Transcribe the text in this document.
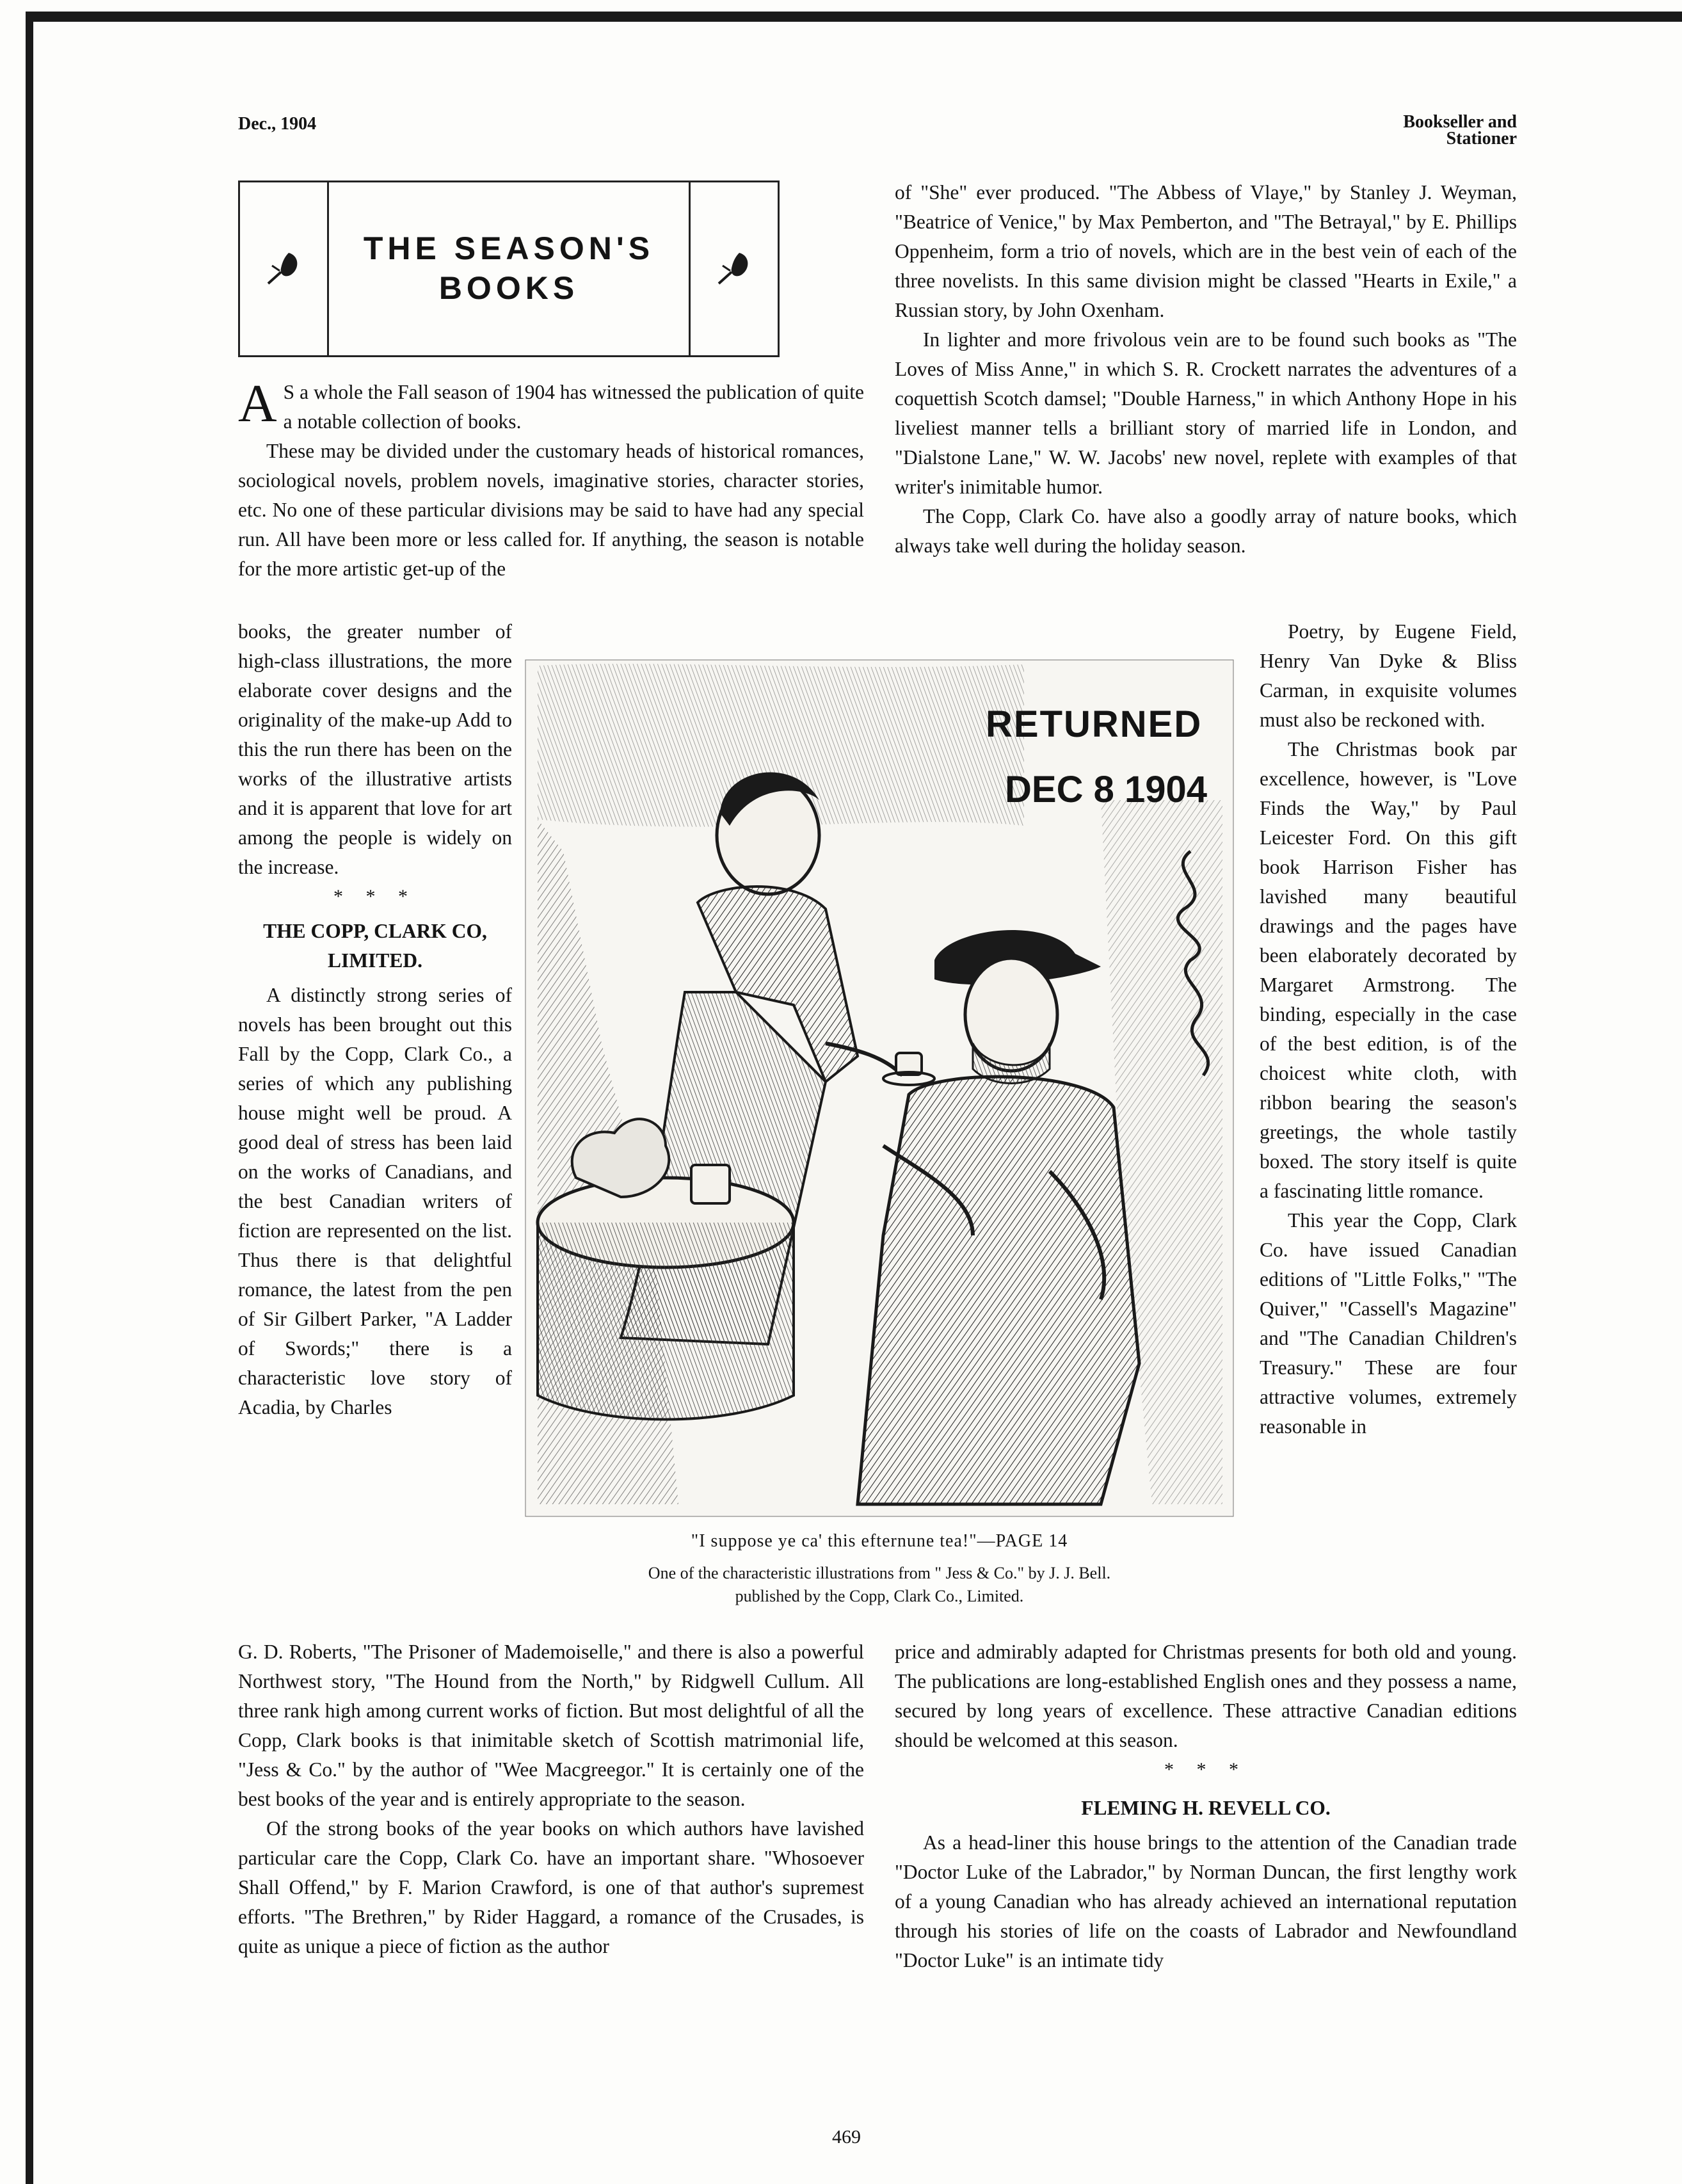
Dec., 1904	Bookseller and
Stationer
THE SEASON'S
BOOKS

A S a whole the Fall season of 1904 has witnessed the publication of quite a notable collection of books.

These may be divided under the customary heads of historical romances, sociological novels, problem novels, imaginative stories, character stories, etc. No one of these particular divisions may be said to have had any special run. All have been more or less called for. If anything, the season is notable for the more artistic get-up of the

books, the greater number of high-class illustrations, the more elaborate cover designs and the originality of the make-up Add to this the run there has been on the works of the illustrative artists and it is apparent that love for art among the people is widely on the increase.

* * *
THE COPP, CLARK CO, LIMITED.

A distinctly strong series of novels has been brought out this Fall by the Copp, Clark Co., a series of which any publishing house might well be proud. A good deal of stress has been laid on the works of Canadians, and the best Canadian writers of fiction are represented on the list. Thus there is that delightful romance, the latest from the pen of Sir Gilbert Parker, "A Ladder of Swords;" there is a characteristic love story of Acadia, by Charles

G. D. Roberts, "The Prisoner of Mademoiselle," and there is also a powerful Northwest story, "The Hound from the North," by Ridgwell Cullum. All three rank high among current works of fiction. But most delightful of all the Copp, Clark books is that inimitable sketch of Scottish matrimonial life, "Jess & Co." by the author of "Wee Macgreegor." It is certainly one of the best books of the year and is entirely appropriate to the season.

Of the strong books of the year books on which authors have lavished particular care the Copp, Clark Co. have an important share. "Whosoever Shall Offend," by F. Marion Crawford, is one of that author's supremest efforts. "The Brethren," by Rider Haggard, a romance of the Crusades, is quite as unique a piece of fiction as the author

of "She" ever produced. "The Abbess of Vlaye," by Stanley J. Weyman, "Beatrice of Venice," by Max Pemberton, and "The Betrayal," by E. Phillips Oppenheim, form a trio of novels, which are in the best vein of each of the three novelists. In this same division might be classed "Hearts in Exile," a Russian story, by John Oxenham.

In lighter and more frivolous vein are to be found such books as "The Loves of Miss Anne," in which S. R. Crockett narrates the adventures of a coquettish Scotch damsel; "Double Harness," in which Anthony Hope in his liveliest manner tells a brilliant story of married life in London, and "Dialstone Lane," W. W. Jacobs' new novel, replete with examples of that writer's inimitable humor.

The Copp, Clark Co. have also a goodly array of nature books, which always take well during the holiday season.

Poetry, by Eugene Field, Henry Van Dyke & Bliss Carman, in exquisite volumes must also be reckoned with.

The Christmas book par excellence, however, is "Love Finds the Way," by Paul Leicester Ford. On this gift book Harrison Fisher has lavished many beautiful drawings and the pages have been elaborately decorated by Margaret Armstrong. The binding, especially in the case of the best edition, is of the choicest white cloth, with ribbon bearing the season's greetings, the whole tastily boxed. The story itself is quite a fascinating little romance.

This year the Copp, Clark Co. have issued Canadian editions of "Little Folks," "The Quiver," "Cassell's Magazine" and "The Canadian Children's Treasury." These are four attractive volumes, extremely reasonable in

price and admirably adapted for Christmas presents for both old and young. The publications are long-established English ones and they possess a name, secured by long years of excellence. These attractive Canadian editions should be welcomed at this season.

* * *
FLEMING H. REVELL CO.

As a head-liner this house brings to the attention of the Canadian trade "Doctor Luke of the Labrador," by Norman Duncan, the first lengthy work of a young Canadian who has already achieved an international reputation through his stories of life on the coasts of Labrador and Newfoundland "Doctor Luke" is an intimate tidy

RETURNED
DEC 8 1904
"I suppose ye ca' this efternune tea!"—PAGE 14
One of the characteristic illustrations from " Jess & Co." by J. J. Bell.
published by the Copp, Clark Co., Limited.
469
